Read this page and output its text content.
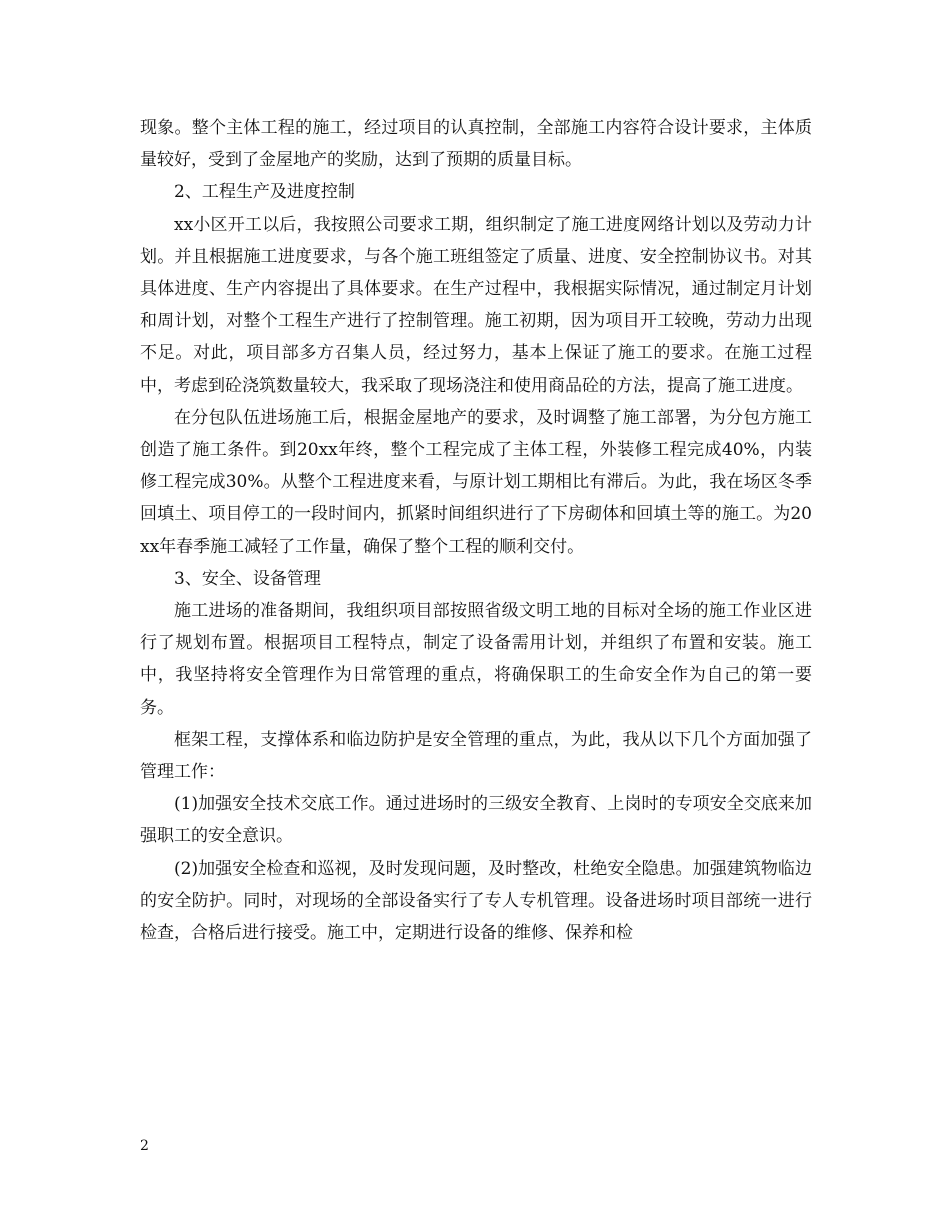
现象。整个主体工程的施工，经过项目的认真控制，全部施工内容符合设计要求，主体质量较好，受到了金屋地产的奖励，达到了预期的质量目标。

2、工程生产及进度控制

xx小区开工以后，我按照公司要求工期，组织制定了施工进度网络计划以及劳动力计划。并且根据施工进度要求，与各个施工班组签定了质量、进度、安全控制协议书。对其具体进度、生产内容提出了具体要求。在生产过程中，我根据实际情况，通过制定月计划和周计划，对整个工程生产进行了控制管理。施工初期，因为项目开工较晚，劳动力出现不足。对此，项目部多方召集人员，经过努力，基本上保证了施工的要求。在施工过程中，考虑到砼浇筑数量较大，我采取了现场浇注和使用商品砼的方法，提高了施工进度。

在分包队伍进场施工后，根据金屋地产的要求，及时调整了施工部署，为分包方施工创造了施工条件。到20xx年终，整个工程完成了主体工程，外装修工程完成40%，内装修工程完成30%。从整个工程进度来看，与原计划工期相比有滞后。为此，我在场区冬季回填土、项目停工的一段时间内，抓紧时间组织进行了下房砌体和回填土等的施工。为20xx年春季施工减轻了工作量，确保了整个工程的顺利交付。

3、安全、设备管理

施工进场的准备期间，我组织项目部按照省级文明工地的目标对全场的施工作业区进行了规划布置。根据项目工程特点，制定了设备需用计划，并组织了布置和安装。施工中，我坚持将安全管理作为日常管理的重点，将确保职工的生命安全作为自己的第一要务。

框架工程，支撑体系和临边防护是安全管理的重点，为此，我从以下几个方面加强了管理工作：

(1)加强安全技术交底工作。通过进场时的三级安全教育、上岗时的专项安全交底来加强职工的安全意识。

(2)加强安全检查和巡视，及时发现问题，及时整改，杜绝安全隐患。加强建筑物临边的安全防护。同时，对现场的全部设备实行了专人专机管理。设备进场时项目部统一进行检查，合格后进行接受。施工中，定期进行设备的维修、保养和检

2
